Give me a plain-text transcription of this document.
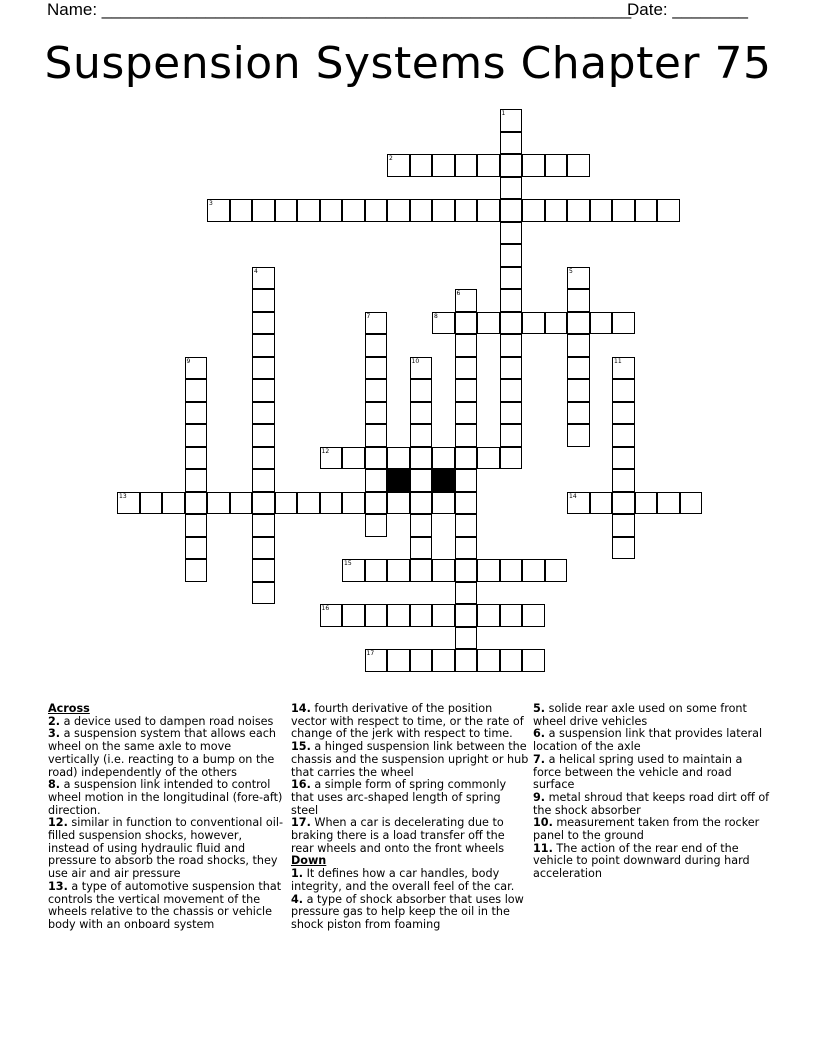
Name: ________________________________________________________
Date: ________
Suspension Systems Chapter 75
1
2
3
4	5
6
7	8
9	10	11
12
13	14
15
16
17
Across
2. a device used to dampen road noises
3. a suspension system that allows each wheel on the same axle to move vertically (i.e. reacting to a bump on the road) independently of the others
8. a suspension link intended to control wheel motion in the longitudinal (fore-aft) direction.
12. similar in function to conventional oil-filled suspension shocks, however, instead of using hydraulic fluid and pressure to absorb the road shocks, they use air and air pressure
13. a type of automotive suspension that controls the vertical movement of the wheels relative to the chassis or vehicle body with an onboard system
14. fourth derivative of the position vector with respect to time, or the rate of change of the jerk with respect to time.
15. a hinged suspension link between the chassis and the suspension upright or hub that carries the wheel
16. a simple form of spring commonly that uses arc-shaped length of spring steel
17. When a car is decelerating due to braking there is a load transfer off the rear wheels and onto the front wheels
Down
1. It defines how a car handles, body integrity, and the overall feel of the car.
4. a type of shock absorber that uses low pressure gas to help keep the oil in the shock piston from foaming
5. solide rear axle used on some front wheel drive vehicles
6. a suspension link that provides lateral location of the axle
7. a helical spring used to maintain a force between the vehicle and road surface
9. metal shroud that keeps road dirt off of the shock absorber
10. measurement taken from the rocker panel to the ground
11. The action of the rear end of the vehicle to point downward during hard acceleration
